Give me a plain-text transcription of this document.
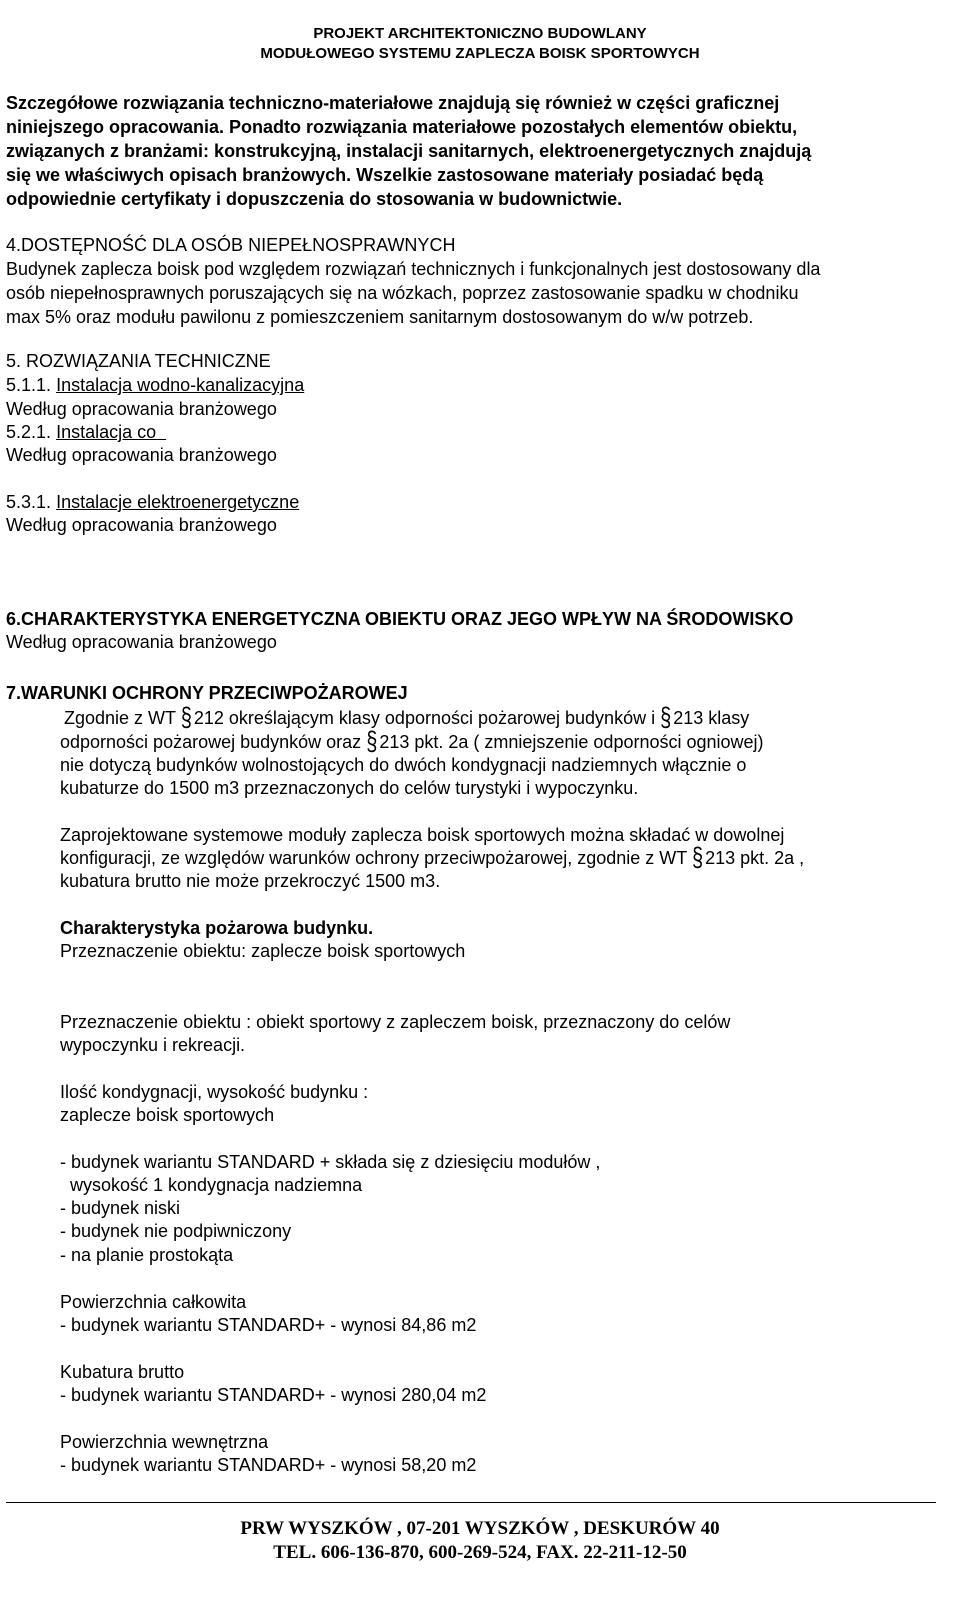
PROJEKT ARCHITEKTONICZNO BUDOWLANY
MODUŁOWEGO SYSTEMU ZAPLECZA BOISK SPORTOWYCH
Szczegółowe rozwiązania techniczno-materiałowe znajdują się również w części graficznej
niniejszego opracowania. Ponadto rozwiązania materiałowe pozostałych elementów obiektu,
związanych z branżami: konstrukcyjną, instalacji sanitarnych, elektroenergetycznych znajdują
się we właściwych opisach branżowych. Wszelkie zastosowane materiały posiadać będą
odpowiednie certyfikaty i dopuszczenia do stosowania w budownictwie.
4.DOSTĘPNOŚĆ DLA OSÓB NIEPEŁNOSPRAWNYCH
Budynek zaplecza boisk pod względem rozwiązań technicznych i funkcjonalnych jest dostosowany dla
osób niepełnosprawnych poruszających się na wózkach, poprzez zastosowanie spadku w chodniku
max 5% oraz modułu pawilonu z pomieszczeniem sanitarnym dostosowanym do w/w potrzeb.
5. ROZWIĄZANIA TECHNICZNE
5.1.1. Instalacja wodno-kanalizacyjna
Według opracowania branżowego
5.2.1. Instalacja co
Według opracowania branżowego
5.3.1. Instalacje elektroenergetyczne
Według opracowania branżowego
6.CHARAKTERYSTYKA ENERGETYCZNA OBIEKTU ORAZ JEGO WPŁYW NA ŚRODOWISKO
Według opracowania branżowego
7.WARUNKI OCHRONY PRZECIWPOŻAROWEJ
Zgodnie z WT § 212 określającym klasy odporności pożarowej budynków i § 213 klasy
odporności pożarowej budynków oraz § 213 pkt. 2a ( zmniejszenie odporności ogniowej)
nie dotyczą budynków wolnostojących do dwóch kondygnacji nadziemnych włącznie o
kubaturze do 1500 m3 przeznaczonych do celów turystyki i wypoczynku.
Zaprojektowane systemowe moduły zaplecza boisk sportowych można składać w dowolnej
konfiguracji, ze względów warunków ochrony przeciwpożarowej, zgodnie z WT § 213 pkt. 2a ,
kubatura brutto nie może przekroczyć 1500 m3.
Charakterystyka pożarowa budynku.
Przeznaczenie obiektu: zaplecze boisk sportowych
Przeznaczenie obiektu : obiekt sportowy z zapleczem boisk, przeznaczony do celów
wypoczynku i rekreacji.
Ilość kondygnacji, wysokość budynku :
zaplecze boisk sportowych
- budynek wariantu STANDARD + składa się z dziesięciu modułów ,
wysokość 1 kondygnacja nadziemna
- budynek niski
- budynek nie podpiwniczony
- na planie prostokąta
Powierzchnia całkowita
- budynek wariantu STANDARD+ - wynosi 84,86 m2
Kubatura brutto
- budynek wariantu STANDARD+ - wynosi 280,04 m2
Powierzchnia wewnętrzna
- budynek wariantu STANDARD+ - wynosi 58,20 m2
PRW WYSZKÓW , 07-201 WYSZKÓW , DESKURÓW 40
TEL. 606-136-870, 600-269-524, FAX. 22-211-12-50
